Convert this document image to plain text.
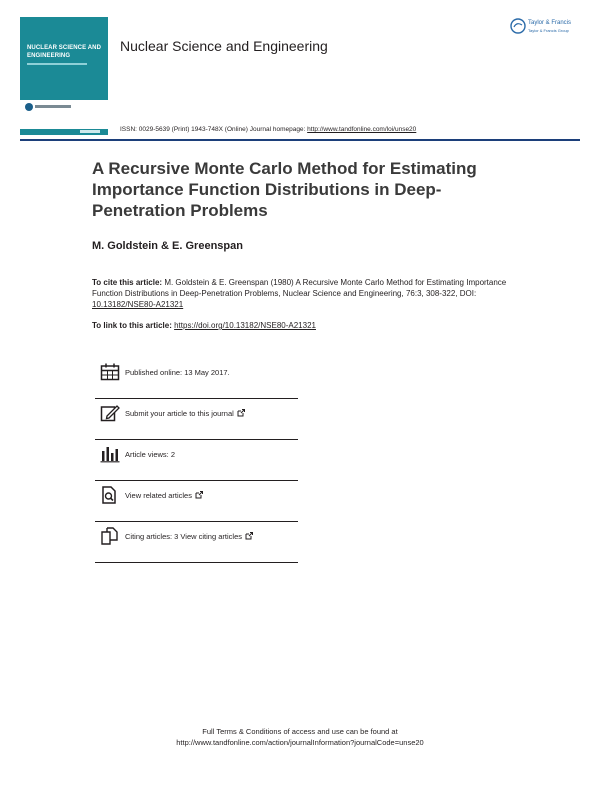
NUCLEAR SCIENCE AND ENGINEERING
Nuclear Science and Engineering
Taylor & Francis
Taylor & Francis Group
ISSN: 0029-5639 (Print) 1943-748X (Online) Journal homepage: http://www.tandfonline.com/loi/unse20
A Recursive Monte Carlo Method for Estimating Importance Function Distributions in Deep-Penetration Problems
M. Goldstein & E. Greenspan
To cite this article: M. Goldstein & E. Greenspan (1980) A Recursive Monte Carlo Method for Estimating Importance Function Distributions in Deep-Penetration Problems, Nuclear Science and Engineering, 76:3, 308-322, DOI: 10.13182/NSE80-A21321
To link to this article: https://doi.org/10.13182/NSE80-A21321
Published online: 13 May 2017.
Submit your article to this journal
Article views: 2
View related articles
Citing articles: 3 View citing articles
Full Terms & Conditions of access and use can be found at
http://www.tandfonline.com/action/journalInformation?journalCode=unse20
